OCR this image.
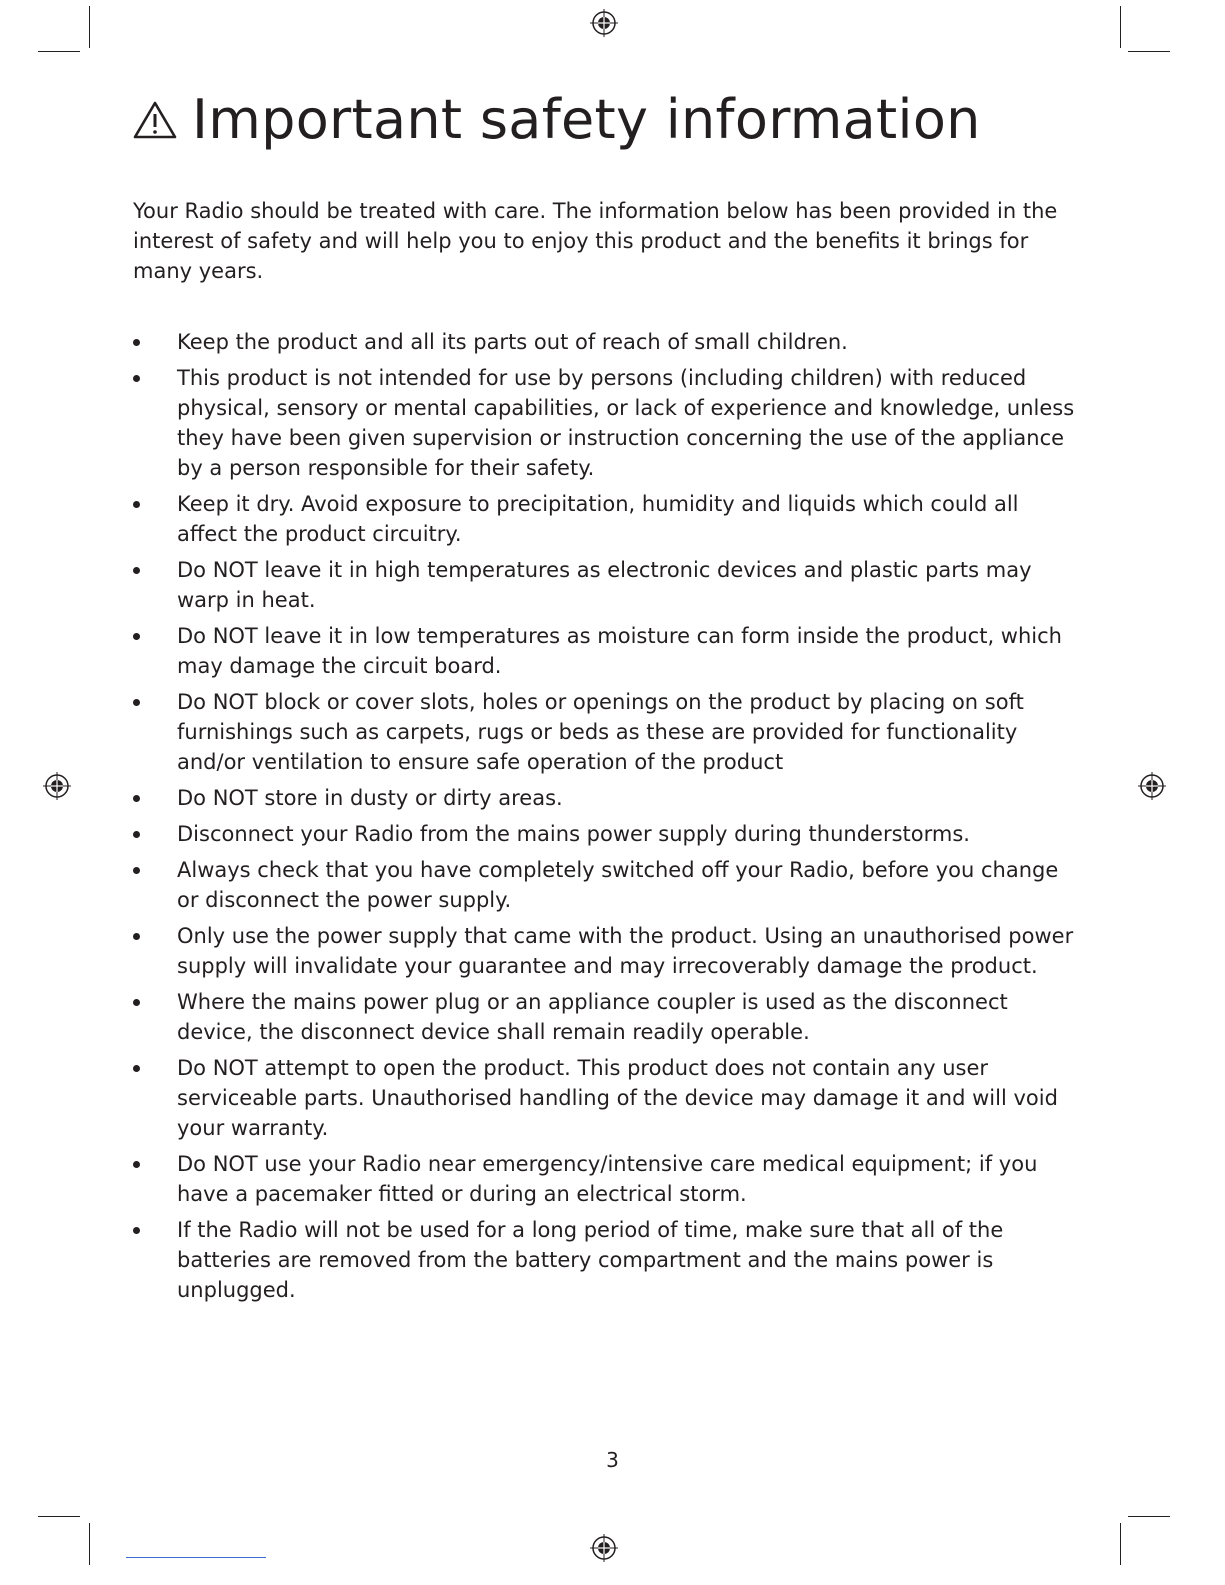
Important safety information

Your Radio should be treated with care. The information below has been provided in the interest of safety and will help you to enjoy this product and the benefits it brings for many years.

Keep the product and all its parts out of reach of small children.
This product is not intended for use by persons (including children) with reduced physical, sensory or mental capabilities, or lack of experience and knowledge, unless they have been given supervision or instruction concerning the use of the appliance by a person responsible for their safety.
Keep it dry. Avoid exposure to precipitation, humidity and liquids which could all affect the product circuitry.
Do NOT leave it in high temperatures as electronic devices and plastic parts may warp in heat.
Do NOT leave it in low temperatures as moisture can form inside the product, which may damage the circuit board.
Do NOT block or cover slots, holes or openings on the product by placing on soft furnishings such as carpets, rugs or beds as these are provided for functionality and/or ventilation to ensure safe operation of the product
Do NOT store in dusty or dirty areas.
Disconnect your Radio from the mains power supply during thunderstorms.
Always check that you have completely switched off your Radio, before you change or disconnect the power supply.
Only use the power supply that came with the product. Using an unauthorised power supply will invalidate your guarantee and may irrecoverably damage the product.
Where the mains power plug or an appliance coupler is used as the disconnect device, the disconnect device shall remain readily operable.
Do NOT attempt to open the product. This product does not contain any user serviceable parts. Unauthorised handling of the device may damage it and will void your warranty.
Do NOT use your Radio near emergency/intensive care medical equipment; if you have a pacemaker fitted or during an electrical storm.
If the Radio will not be used for a long period of time, make sure that all of the batteries are removed from the battery compartment and the mains power is unplugged.
3
